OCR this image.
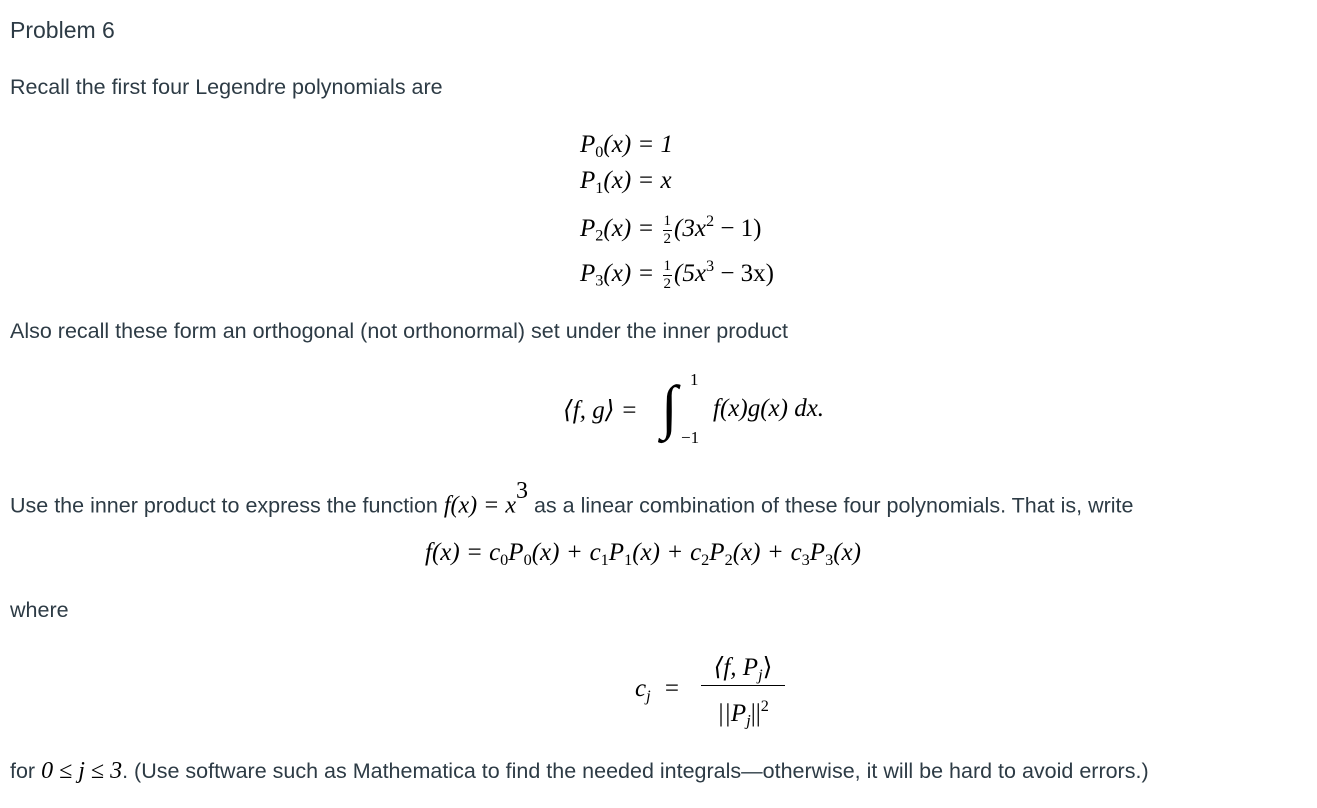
Problem 6
Recall the first four Legendre polynomials are
$P_0(x) = 1$
$P_1(x) = x$
$P_2(x) = \frac{1}{2} (3x^2 - 1)$
$P_3(x) = \frac{1}{2} (5x^3 - 3x)$
Also recall these form an orthogonal (not orthonormal) set under the inner product
⟨f, g⟩ = ∫ 1
−1
f(x)g(x) dx.
Use the inner product to express the function f(x) = x3 as a linear combination of these four polynomials. That is, write
$f(x) = c_0P_0(x) + c_1P_1(x) + c_2P_2(x) + c_3P_3(x)$
where
cj = $\frac{⟨f, Pj⟩}{||Pj||^2}$
for 0 ≤ j ≤ 3. (Use software such as Mathematica to find the needed integrals—otherwise, it will be hard to avoid errors.)
